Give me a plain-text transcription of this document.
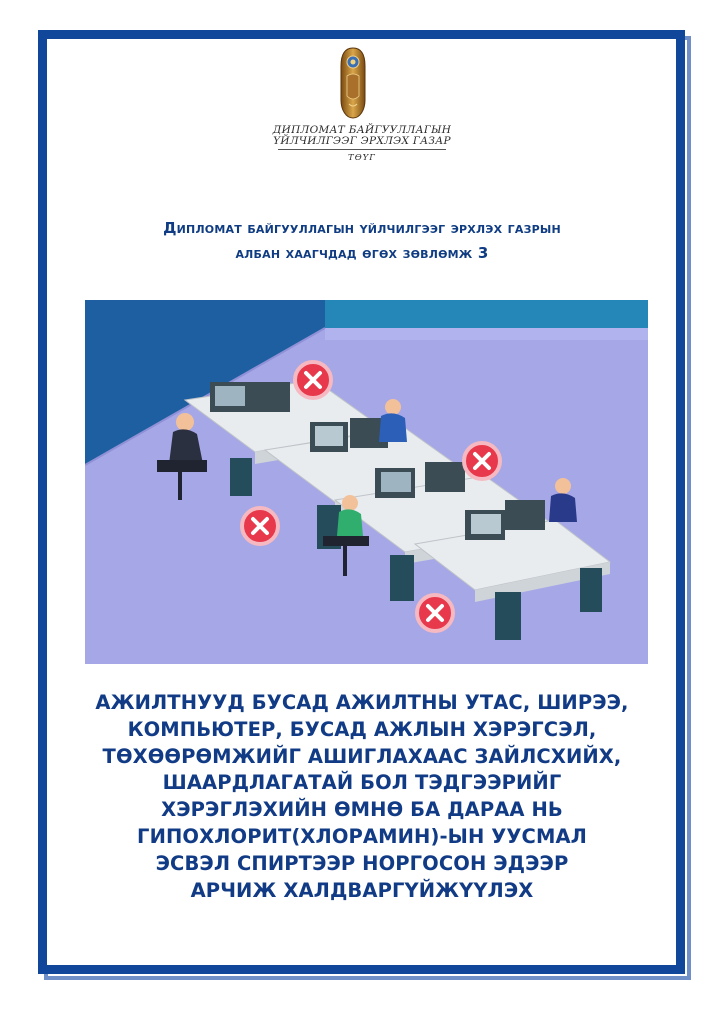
ДИПЛОМАТ БАЙГУУЛЛАГЫН
ҮЙЛЧИЛГЭЭГ ЭРХЛЭХ ГАЗАР
ТӨҮГ
Дипломат байгууллагын үйлчилгээг эрхлэх газрын
албан хаагчдад өгөх зөвлөмж 3
АЖИЛТНУУД БУСАД АЖИЛТНЫ УТАС, ШИРЭЭ,
КОМПЬЮТЕР, БУСАД АЖЛЫН ХЭРЭГСЭЛ,
ТӨХӨӨРӨМЖИЙГ АШИГЛАХААС ЗАЙЛСХИЙХ,
ШААРДЛАГАТАЙ БОЛ ТЭДГЭЭРИЙГ
ХЭРЭГЛЭХИЙН ӨМНӨ БА ДАРАА НЬ
ГИПОХЛОРИТ(ХЛОРАМИН)-ЫН УУСМАЛ
ЭСВЭЛ СПИРТЭЭР НОРГОСОН ЭДЭЭР
АРЧИЖ ХАЛДВАРГҮЙЖҮҮЛЭХ
